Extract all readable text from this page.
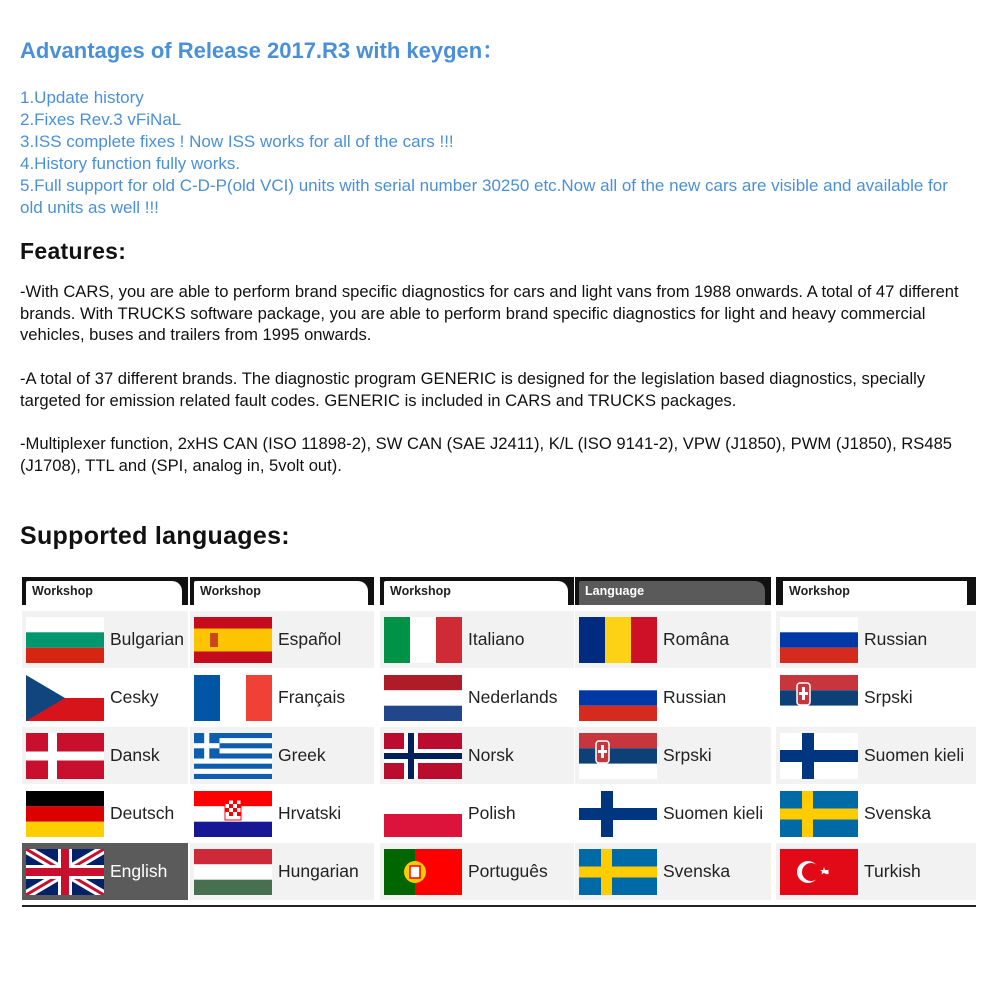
Advantages of Release 2017.R3 with keygen：

1.Update history

2.Fixes Rev.3 vFiNaL

3.ISS complete fixes ! Now ISS works for all of the cars !!!

4.History function fully works.

5.Full support for old C-D-P(old VCI) units with serial number 30250 etc.Now all of the new cars are visible and available for old units as well !!!

Features:

-With CARS, you are able to perform brand specific diagnostics for cars and light vans from 1988 onwards. A total of 47 different brands. With TRUCKS software package, you are able to perform brand specific diagnostics for light and heavy commercial vehicles, buses and trailers from 1995 onwards.

-A total of 37 different brands. The diagnostic program GENERIC is designed for the legislation based diagnostics, specially targeted for emission related fault codes. GENERIC is included in CARS and TRUCKS packages.

-Multiplexer function, 2xHS CAN (ISO 11898-2), SW CAN (SAE J2411), K/L (ISO 9141-2), VPW (J1850), PWM (J1850), RS485 (J1708), TTL and (SPI, analog in, 5volt out).

Supported languages:
Workshop
Bulgarian
Cesky
Dansk
Deutsch
English
Workshop
Español
Français
Greek
Hrvatski
Hungarian
Workshop
Italiano
Nederlands
Norsk
Polish
Português
Language
Româna
Russian
Srpski
Suomen kieli
Svenska
Workshop
Russian
Srpski
Suomen kieli
Svenska
Turkish
